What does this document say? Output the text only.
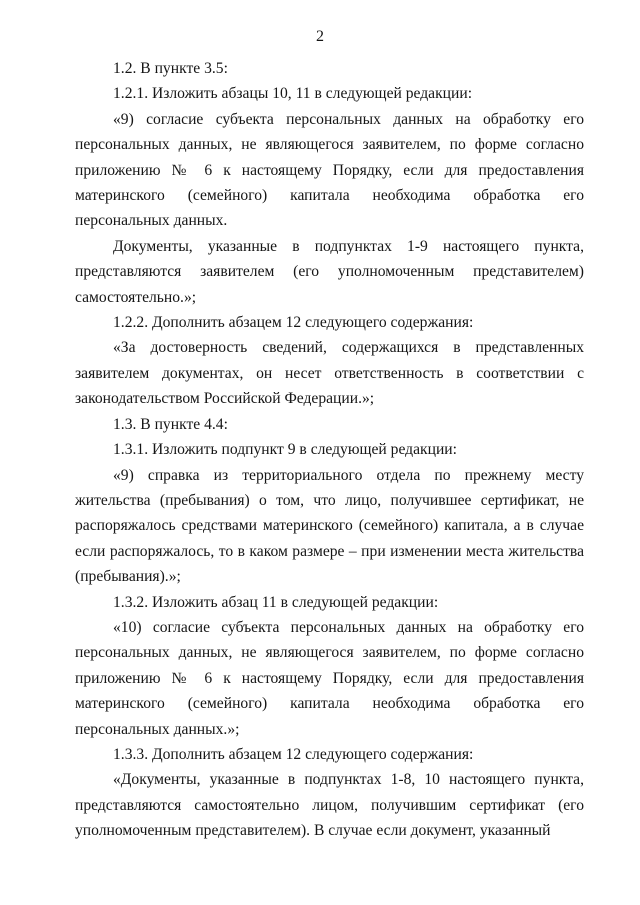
2

1.2. В пункте 3.5:

1.2.1. Изложить абзацы 10, 11 в следующей редакции:

«9) согласие субъекта персональных данных на обработку его персональных данных, не являющегося заявителем, по форме согласно приложению № 6 к настоящему Порядку, если для предоставления материнского (семейного) капитала необходима обработка его персональных данных.

Документы, указанные в подпунктах 1-9 настоящего пункта, представляются заявителем (его уполномоченным представителем) самостоятельно.»;

1.2.2. Дополнить абзацем 12 следующего содержания:

«За достоверность сведений, содержащихся в представленных заявителем документах, он несет ответственность в соответствии с законодательством Российской Федерации.»;

1.3. В пункте 4.4:

1.3.1. Изложить подпункт 9 в следующей редакции:

«9) справка из территориального отдела по прежнему месту жительства (пребывания) о том, что лицо, получившее сертификат, не распоряжалось средствами материнского (семейного) капитала, а в случае если распоряжалось, то в каком размере – при изменении места жительства (пребывания).»;

1.3.2. Изложить абзац 11 в следующей редакции:

«10) согласие субъекта персональных данных на обработку его персональных данных, не являющегося заявителем, по форме согласно приложению № 6 к настоящему Порядку, если для предоставления материнского (семейного) капитала необходима обработка его персональных данных.»;

1.3.3. Дополнить абзацем 12 следующего содержания:

«Документы, указанные в подпунктах 1-8, 10 настоящего пункта, представляются самостоятельно лицом, получившим сертификат (его уполномоченным представителем). В случае если документ, указанный
